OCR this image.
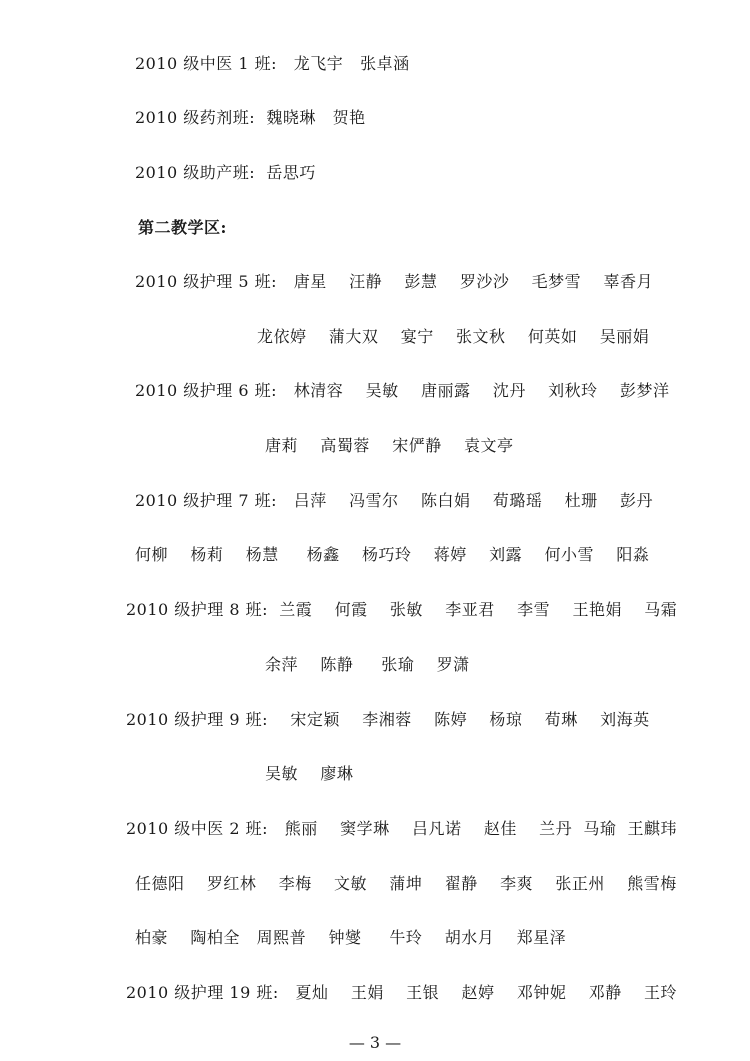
2010 级中医 1 班:   龙飞宇   张卓涵
2010 级药剂班:  魏晓琳   贺艳
2010 级助产班:  岳思巧
第二教学区:
2010 级护理 5 班:   唐星    汪静    彭慧    罗沙沙    毛梦雪    辜香月
龙依婷    蒲大双    宴宁    张文秋    何英如    吴丽娟
2010 级护理 6 班:   林清容    吴敏    唐丽露    沈丹    刘秋玲    彭梦洋
唐莉    高蜀蓉    宋俨静    袁文亭
2010 级护理 7 班:   吕萍    冯雪尔    陈白娟    荀璐瑶    杜珊    彭丹
何柳    杨莉    杨慧     杨鑫    杨巧玲    蒋婷    刘露    何小雪    阳淼
2010 级护理 8 班:  兰霞    何霞    张敏    李亚君    李雪    王艳娟    马霜
余萍    陈静     张瑜    罗潇
2010 级护理 9 班:    宋定颖    李湘蓉    陈婷    杨琼    荀琳    刘海英
吴敏    廖琳
2010 级中医 2 班:   熊丽    窦学琳    吕凡诺    赵佳    兰丹  马瑜  王麒玮
任德阳    罗红林    李梅    文敏    蒲坤    翟静    李爽    张正州    熊雪梅
柏豪    陶柏全   周熙普    钟燮     牛玲    胡水月    郑星泽
2010 级护理 19 班:   夏灿    王娟    王银    赵婷    邓钟妮    邓静    王玲
— 3 —
